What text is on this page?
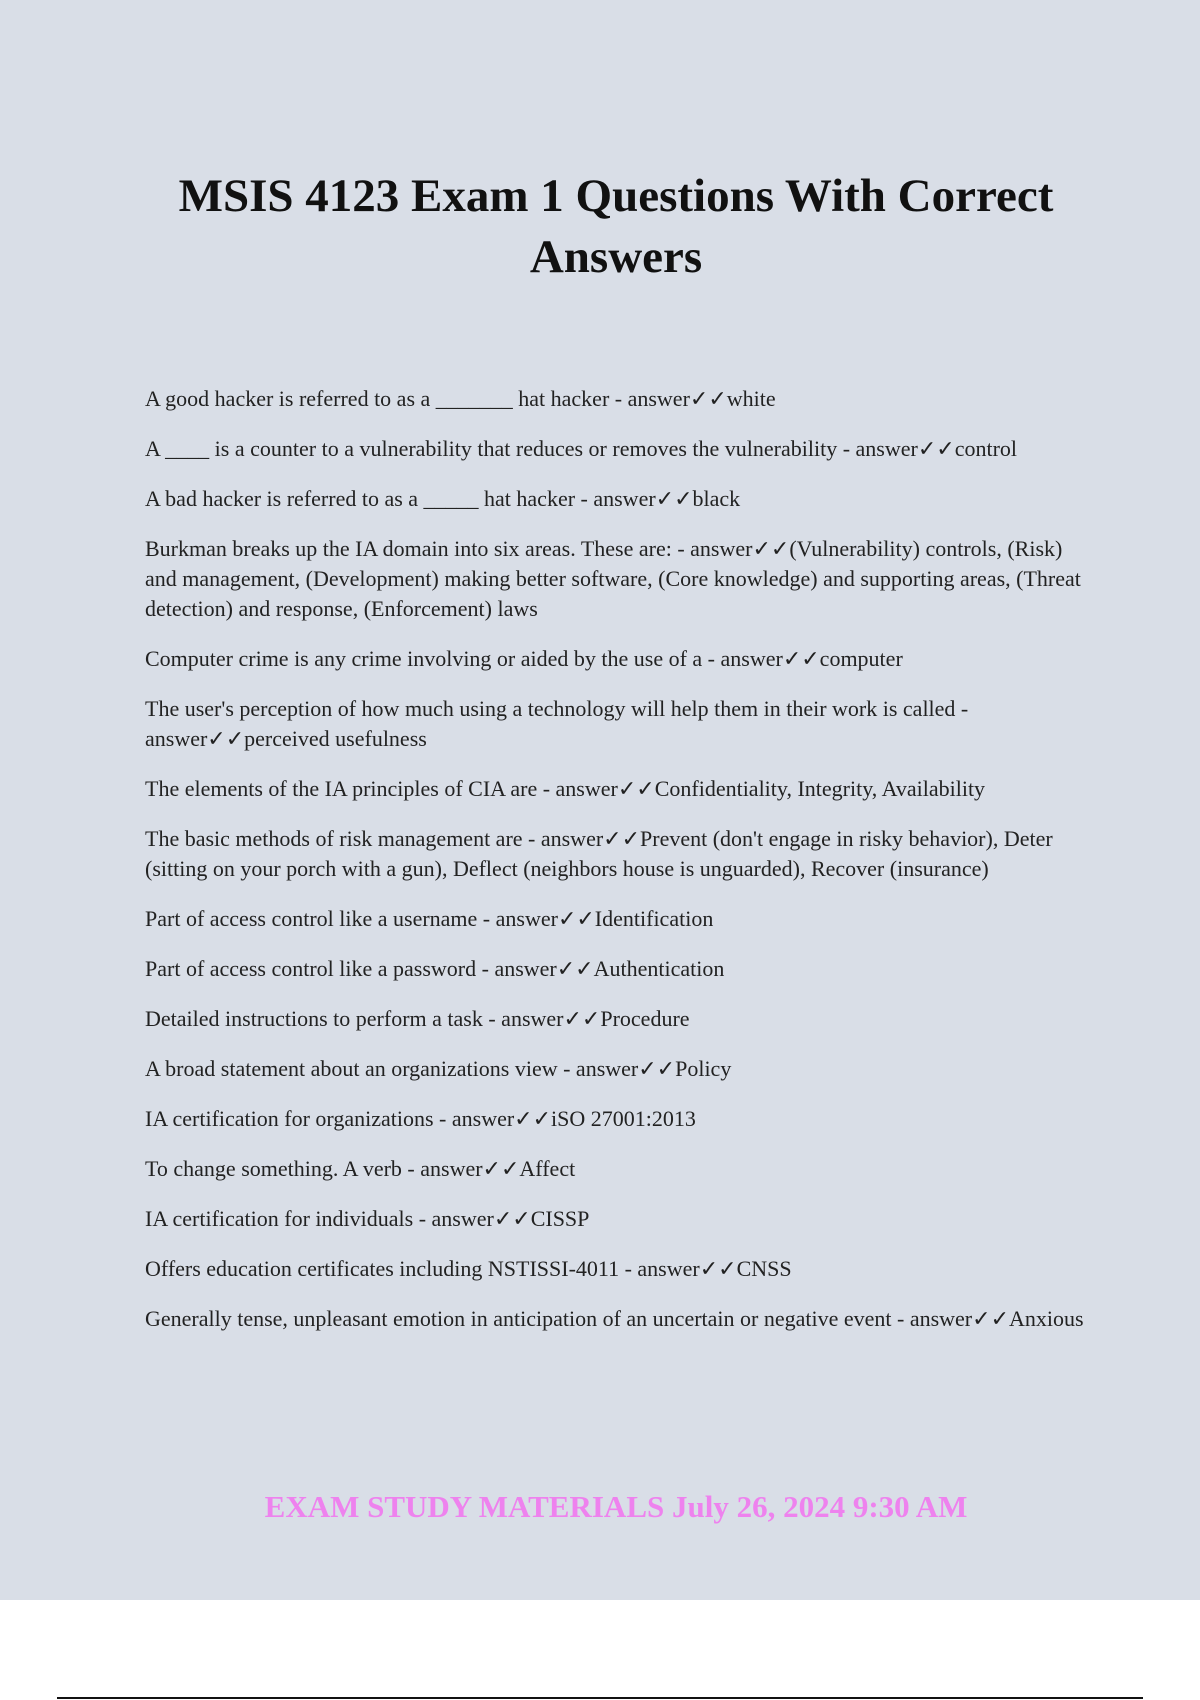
MSIS 4123 Exam 1 Questions With Correct Answers
A good hacker is referred to as a _______ hat hacker - answer✓✓white
A ____ is a counter to a vulnerability that reduces or removes the vulnerability - answer✓✓control
A bad hacker is referred to as a _____ hat hacker - answer✓✓black
Burkman breaks up the IA domain into six areas. These are: - answer✓✓(Vulnerability) controls, (Risk) and management, (Development) making better software, (Core knowledge) and supporting areas, (Threat detection) and response, (Enforcement) laws
Computer crime is any crime involving or aided by the use of a - answer✓✓computer
The user's perception of how much using a technology will help them in their work is called - answer✓✓perceived usefulness
The elements of the IA principles of CIA are - answer✓✓Confidentiality, Integrity, Availability
The basic methods of risk management are - answer✓✓Prevent (don't engage in risky behavior), Deter (sitting on your porch with a gun), Deflect (neighbors house is unguarded), Recover (insurance)
Part of access control like a username - answer✓✓Identification
Part of access control like a password - answer✓✓Authentication
Detailed instructions to perform a task - answer✓✓Procedure
A broad statement about an organizations view - answer✓✓Policy
IA certification for organizations - answer✓✓iSO 27001:2013
To change something. A verb - answer✓✓Affect
IA certification for individuals - answer✓✓CISSP
Offers education certificates including NSTISSI-4011 - answer✓✓CNSS
Generally tense, unpleasant emotion in anticipation of an uncertain or negative event - answer✓✓Anxious
EXAM STUDY MATERIALS July 26, 2024 9:30 AM
